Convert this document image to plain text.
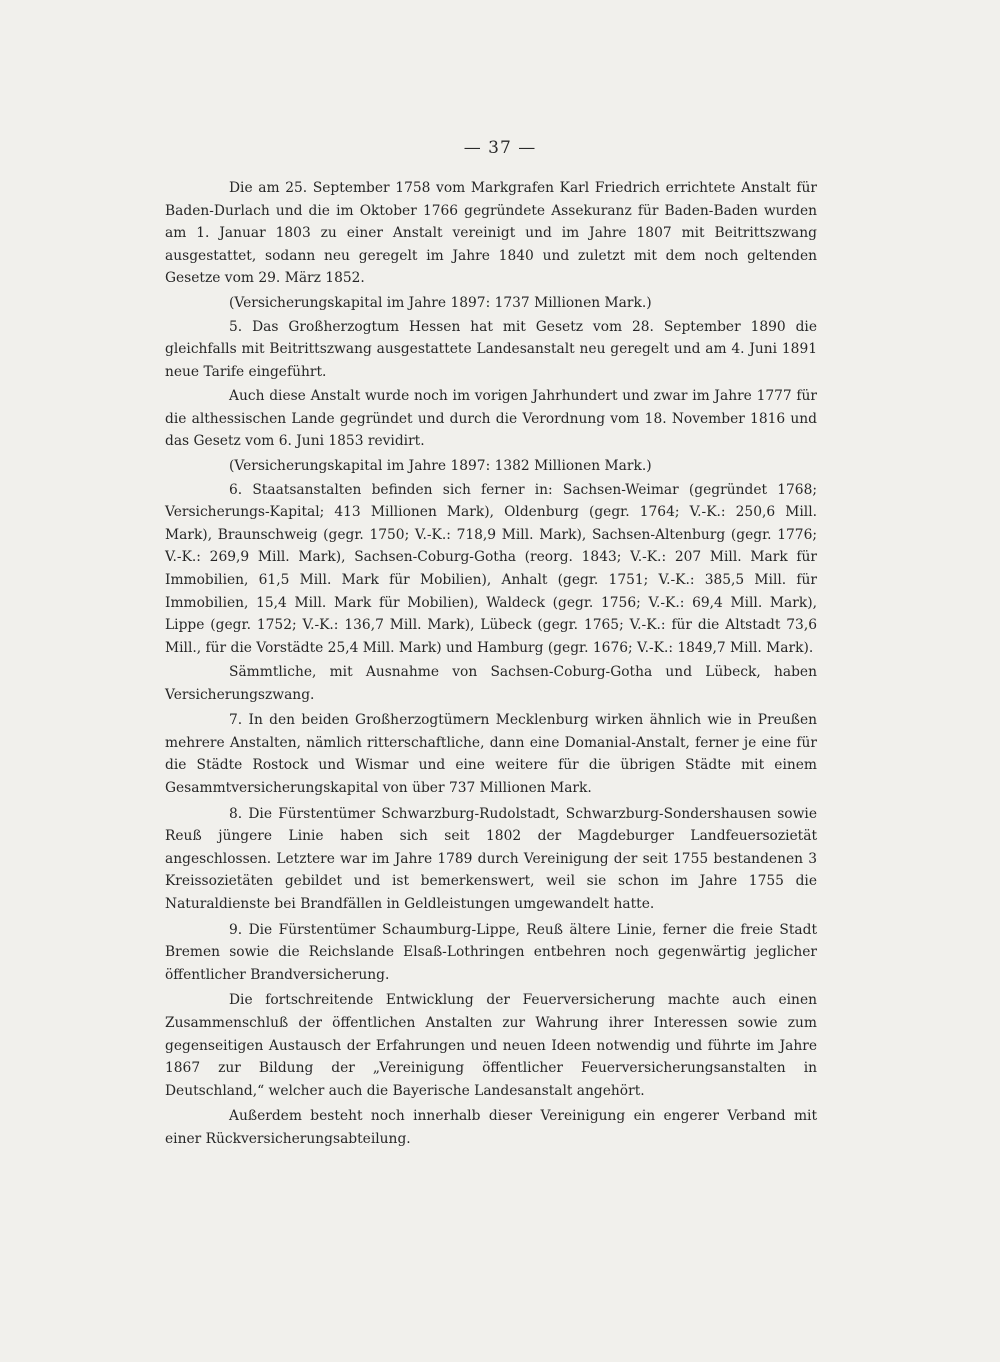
— 37 —

Die am 25. September 1758 vom Markgrafen Karl Friedrich errichtete Anstalt für Baden-Durlach und die im Oktober 1766 gegründete Assekuranz für Baden-Baden wurden am 1. Januar 1803 zu einer Anstalt vereinigt und im Jahre 1807 mit Beitrittszwang ausgestattet, sodann neu geregelt im Jahre 1840 und zuletzt mit dem noch geltenden Gesetze vom 29. März 1852.

(Versicherungskapital im Jahre 1897: 1737 Millionen Mark.)

5. Das Großherzogtum Hessen hat mit Gesetz vom 28. September 1890 die gleichfalls mit Beitrittszwang ausgestattete Landesanstalt neu geregelt und am 4. Juni 1891 neue Tarife eingeführt.

Auch diese Anstalt wurde noch im vorigen Jahrhundert und zwar im Jahre 1777 für die althessischen Lande gegründet und durch die Verordnung vom 18. November 1816 und das Gesetz vom 6. Juni 1853 revidirt.

(Versicherungskapital im Jahre 1897: 1382 Millionen Mark.)

6. Staatsanstalten befinden sich ferner in: Sachsen-Weimar (gegründet 1768; Versicherungs-Kapital; 413 Millionen Mark), Oldenburg (gegr. 1764; V.-K.: 250,6 Mill. Mark), Braunschweig (gegr. 1750; V.-K.: 718,9 Mill. Mark), Sachsen-Altenburg (gegr. 1776; V.-K.: 269,9 Mill. Mark), Sachsen-Coburg-Gotha (reorg. 1843; V.-K.: 207 Mill. Mark für Immobilien, 61,5 Mill. Mark für Mobilien), Anhalt (gegr. 1751; V.-K.: 385,5 Mill. für Immobilien, 15,4 Mill. Mark für Mobilien), Waldeck (gegr. 1756; V.-K.: 69,4 Mill. Mark), Lippe (gegr. 1752; V.-K.: 136,7 Mill. Mark), Lübeck (gegr. 1765; V.-K.: für die Altstadt 73,6 Mill., für die Vorstädte 25,4 Mill. Mark) und Hamburg (gegr. 1676; V.-K.: 1849,7 Mill. Mark).

Sämmtliche, mit Ausnahme von Sachsen-Coburg-Gotha und Lübeck, haben Versicherungszwang.

7. In den beiden Großherzogtümern Mecklenburg wirken ähnlich wie in Preußen mehrere Anstalten, nämlich ritterschaftliche, dann eine Domanial-Anstalt, ferner je eine für die Städte Rostock und Wismar und eine weitere für die übrigen Städte mit einem Gesammtversicherungskapital von über 737 Millionen Mark.

8. Die Fürstentümer Schwarzburg-Rudolstadt, Schwarzburg-Sondershausen sowie Reuß jüngere Linie haben sich seit 1802 der Magdeburger Landfeuersozietät angeschlossen. Letztere war im Jahre 1789 durch Vereinigung der seit 1755 bestandenen 3 Kreissozietäten gebildet und ist bemerkenswert, weil sie schon im Jahre 1755 die Naturaldienste bei Brandfällen in Geldleistungen umgewandelt hatte.

9. Die Fürstentümer Schaumburg-Lippe, Reuß ältere Linie, ferner die freie Stadt Bremen sowie die Reichslande Elsaß-Lothringen entbehren noch gegenwärtig jeglicher öffentlicher Brandversicherung.

Die fortschreitende Entwicklung der Feuerversicherung machte auch einen Zusammenschluß der öffentlichen Anstalten zur Wahrung ihrer Interessen sowie zum gegenseitigen Austausch der Erfahrungen und neuen Ideen notwendig und führte im Jahre 1867 zur Bildung der „Vereinigung öffentlicher Feuerversicherungsanstalten in Deutschland,“ welcher auch die Bayerische Landesanstalt angehört.

Außerdem besteht noch innerhalb dieser Vereinigung ein engerer Verband mit einer Rückversicherungsabteilung.
